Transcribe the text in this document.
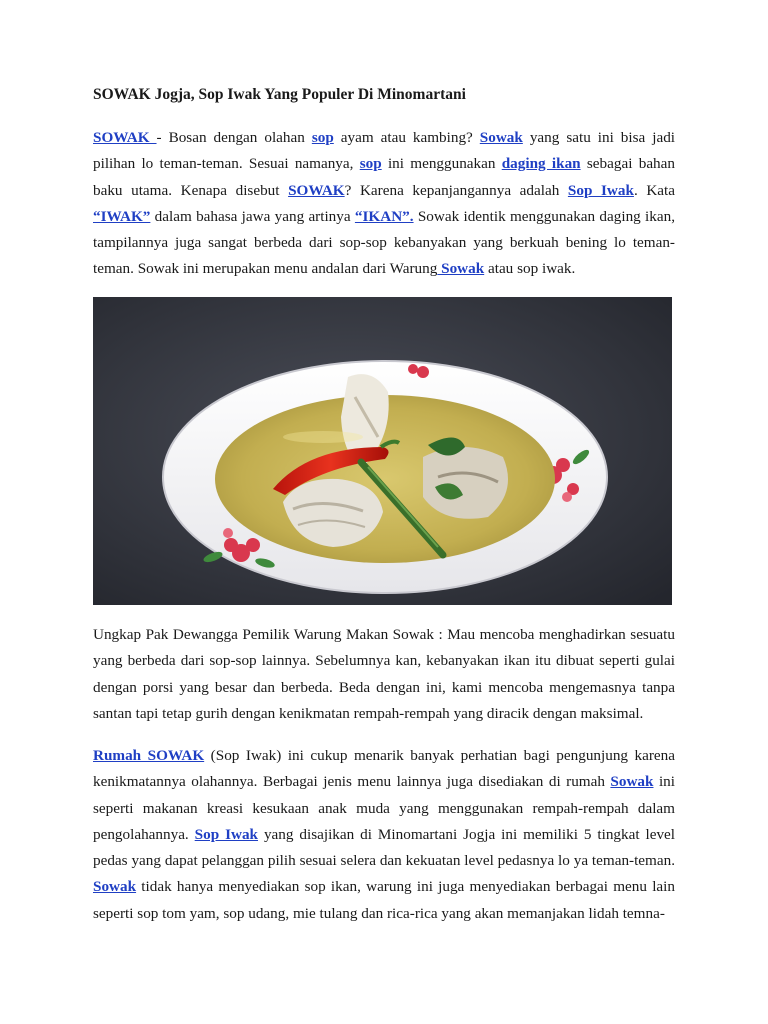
SOWAK Jogja, Sop Iwak Yang Populer Di Minomartani

SOWAK - Bosan dengan olahan sop ayam atau kambing? Sowak yang satu ini bisa jadi pilihan lo teman-teman. Sesuai namanya, sop ini menggunakan daging ikan sebagai bahan baku utama. Kenapa disebut SOWAK? Karena kepanjangannya adalah Sop Iwak. Kata “IWAK” dalam bahasa jawa yang artinya “IKAN”. Sowak identik menggunakan daging ikan, tampilannya juga sangat berbeda dari sop-sop kebanyakan yang berkuah bening lo teman-teman. Sowak ini merupakan menu andalan dari Warung Sowak atau sop iwak.

Ungkap Pak Dewangga Pemilik Warung Makan Sowak : Mau mencoba menghadirkan sesuatu yang berbeda dari sop-sop lainnya. Sebelumnya kan, kebanyakan ikan itu dibuat seperti gulai dengan porsi yang besar dan berbeda. Beda dengan ini, kami mencoba mengemasnya tanpa santan tapi tetap gurih dengan kenikmatan rempah-rempah yang diracik dengan maksimal.

Rumah SOWAK (Sop Iwak) ini cukup menarik banyak perhatian bagi pengunjung karena kenikmatannya olahannya. Berbagai jenis menu lainnya juga disediakan di rumah Sowak ini seperti makanan kreasi kesukaan anak muda yang menggunakan rempah-rempah dalam pengolahannya. Sop Iwak yang disajikan di Minomartani Jogja ini memiliki 5 tingkat level pedas yang dapat pelanggan pilih sesuai selera dan kekuatan level pedasnya lo ya teman-teman. Sowak tidak hanya menyediakan sop ikan, warung ini juga menyediakan berbagai menu lain seperti sop tom yam, sop udang, mie tulang dan rica-rica yang akan memanjakan lidah temna-
